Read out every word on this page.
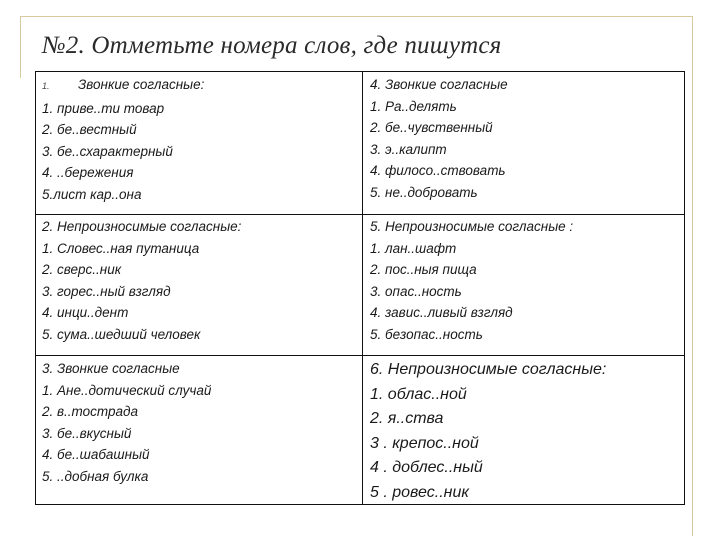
№2. Отметьте номера слов, где пишутся
1. Звонкие согласные:
1. приве..ти товар
2. бе..вестный
3. бе..схарактерный
4. ..бережения
5.лист кар..она
4. Звонкие согласные
1. Ра..делять
2. бе..чувственный
3. э..калипт
4. филосо..ствовать
5. не..добровать
2. Непроизносимые согласные:
1. Словес..ная путаница
2. сверс..ник
3. горес..ный взгляд
4. инци..дент
5. сума..шедший человек
5. Непроизносимые согласные :
1. лан..шафт
2. пос..ныя пища
3. опас..ность
4. завис..ливый взгляд
5. безопас..ность
3. Звонкие согласные
1. Ане..дотический случай
2. в..тострада
3. бе..вкусный
4. бе..шабашный
5. ..добная булка
6. Непроизносимые согласные:
1. облас..ной
2. я..ства
3 . крепос..ной
4 . доблес..ный
5 . ровес..ник
